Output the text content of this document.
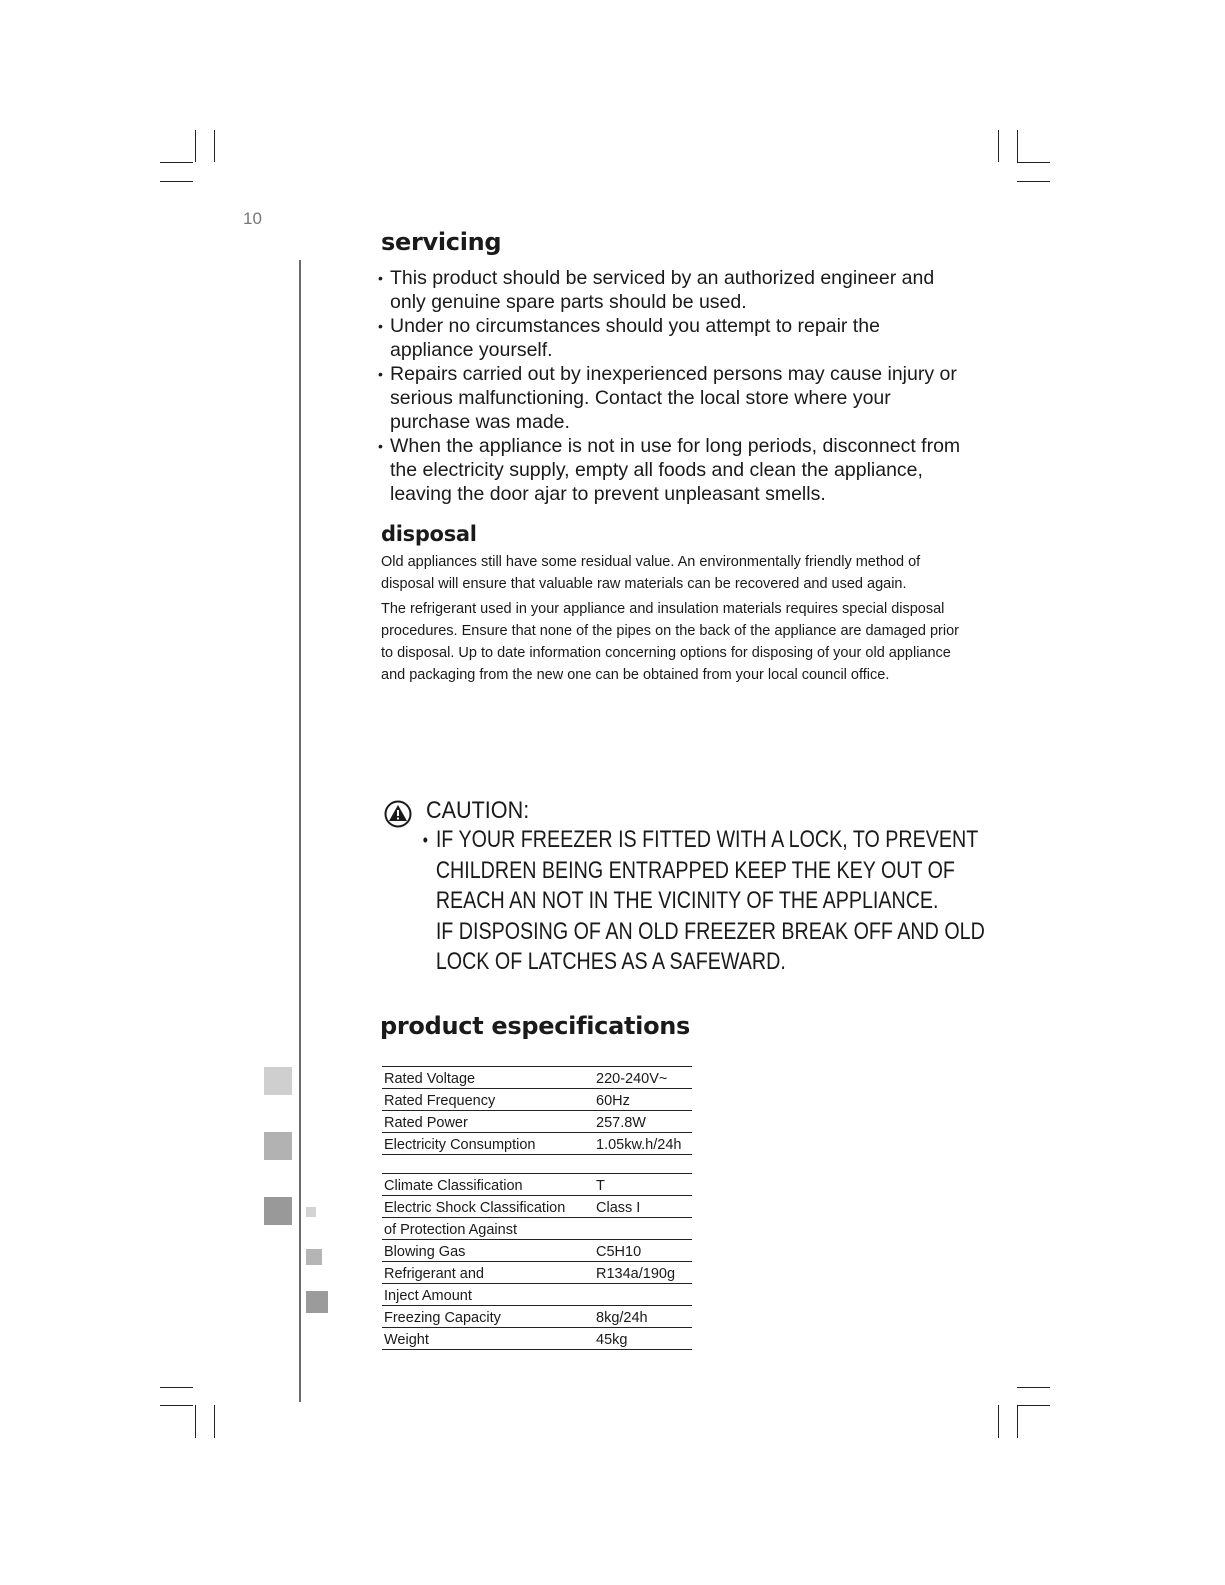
10
servicing
• This product should be serviced by an authorized engineer and only genuine spare parts should be used.
• Under no circumstances should you attempt to repair the appliance yourself.
• Repairs carried out by inexperienced persons may cause injury or serious malfunctioning. Contact the local store where your purchase was made.
• When the appliance is not in use for long periods, disconnect from the electricity supply, empty all foods and clean the appliance, leaving the door ajar to prevent unpleasant smells.
disposal

Old appliances still have some residual value. An environmentally friendly method of disposal will ensure that valuable raw materials can be recovered and used again.

The refrigerant used in your appliance and insulation materials requires special disposal procedures. Ensure that none of the pipes on the back of the appliance are damaged prior to disposal. Up to date information concerning options for disposing of your old appliance and packaging from the new one can be obtained from your local council office.

CAUTION:
• IF YOUR FREEZER IS FITTED WITH A LOCK, TO PREVENT
CHILDREN BEING ENTRAPPED KEEP THE KEY OUT OF
REACH AN NOT IN THE VICINITY OF THE APPLIANCE.
IF DISPOSING OF AN OLD FREEZER BREAK OFF AND OLD
LOCK OF LATCHES AS A SAFEWARD.
product especifications
Rated Voltage	220-240V~
Rated Frequency	60Hz
Rated Power	257.8W
Electricity Consumption	1.05kw.h/24h
Climate Classification	T
Electric Shock Classification	Class I
of Protection Against	
Blowing Gas	C5H10
Refrigerant and	R134a/190g
Inject Amount	
Freezing Capacity	8kg/24h
Weight	45kg
